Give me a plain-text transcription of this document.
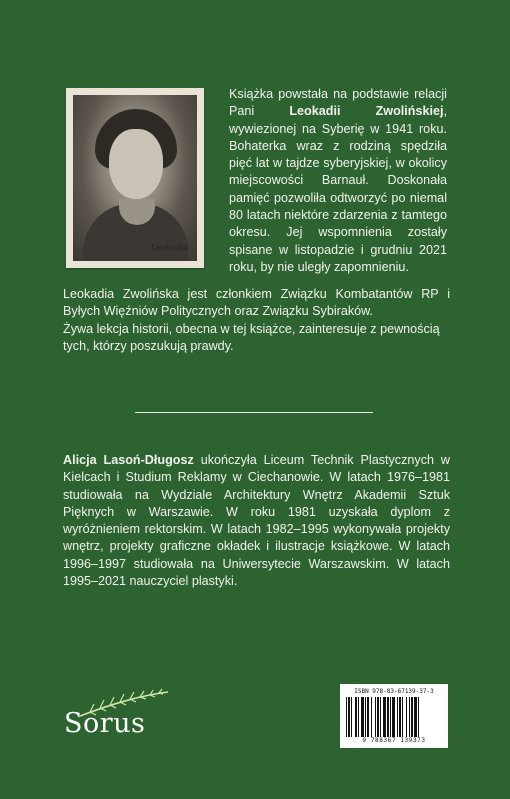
Leokadia

Książka powstała na podstawie relacji Pani Leokadii Zwolińskiej, wywiezionej na Syberię w 1941 roku. Bohaterka wraz z rodziną spędziła pięć lat w tajdze syberyjskiej, w okolicy miejscowości Barnauł. Doskonała pamięć pozwoliła odtworzyć po niemal 80 latach niektóre zdarzenia z tamtego okresu. Jej wspomnienia zostały spisane w listopadzie i grudniu 2021 roku, by nie uległy zapomnieniu.

Leokadia Zwolińska jest członkiem Związku Kombatantów RP i Byłych Więźniów Politycznych oraz Związku Sybiraków.

Żywa lekcja historii, obecna w tej książce, zainteresuje z pewnością tych, którzy poszukują prawdy.

Alicja Lasoń-Długosz ukończyła Liceum Technik Plastycznych w Kielcach i Studium Reklamy w Ciechanowie. W latach 1976–1981 studiowała na Wydziale Architektury Wnętrz Akademii Sztuk Pięknych w Warszawie. W roku 1981 uzyskała dyplom z wyróżnieniem rektorskim. W latach 1982–1995 wykonywała projekty wnętrz, projekty graficzne okładek i ilustracje książkowe. W latach 1996–1997 studiowała na Uniwersytecie Warszawskim. W latach 1995–2021 nauczyciel plastyki.

Sorus
ISBN 978-83-67139-37-3
9 788367 139373
